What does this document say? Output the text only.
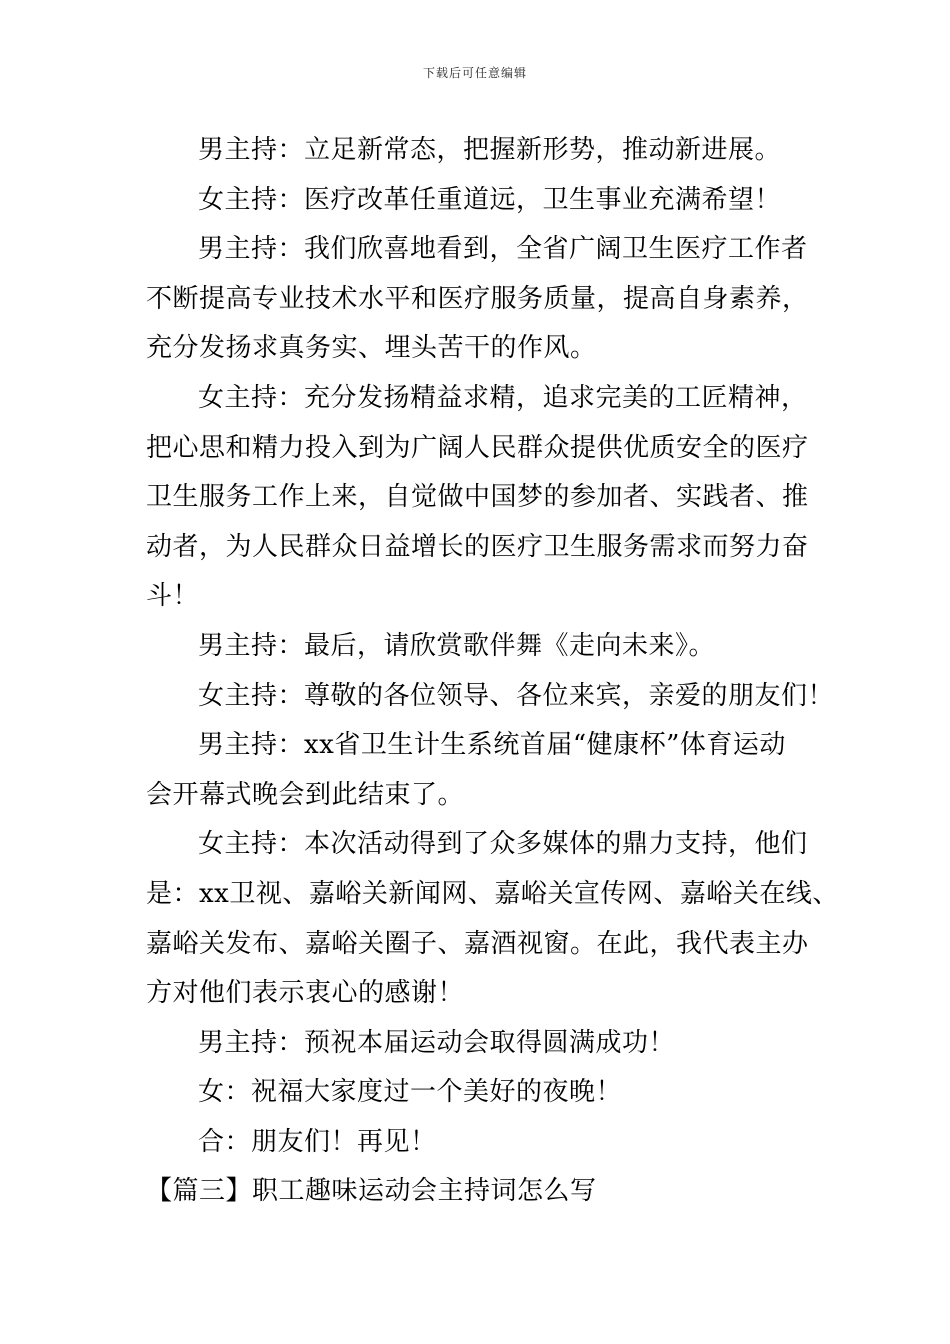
下载后可任意编辑
男主持：立足新常态，把握新形势，推动新进展。
女主持：医疗改革任重道远，卫生事业充满希望！
男主持：我们欣喜地看到，全省广阔卫生医疗工作者
不断提高专业技术水平和医疗服务质量，提高自身素养，
充分发扬求真务实、埋头苦干的作风。
女主持：充分发扬精益求精，追求完美的工匠精神，
把心思和精力投入到为广阔人民群众提供优质安全的医疗
卫生服务工作上来，自觉做中国梦的参加者、实践者、推
动者，为人民群众日益增长的医疗卫生服务需求而努力奋
斗！
男主持：最后，请欣赏歌伴舞《走向未来》。
女主持：尊敬的各位领导、各位来宾，亲爱的朋友们！
男主持：xx省卫生计生系统首届“健康杯”体育运动
会开幕式晚会到此结束了。
女主持：本次活动得到了众多媒体的鼎力支持，他们
是：xx卫视、嘉峪关新闻网、嘉峪关宣传网、嘉峪关在线、
嘉峪关发布、嘉峪关圈子、嘉酒视窗。在此，我代表主办
方对他们表示衷心的感谢！
男主持：预祝本届运动会取得圆满成功！
女：祝福大家度过一个美好的夜晚！
合：朋友们！再见！
【篇三】职工趣味运动会主持词怎么写
